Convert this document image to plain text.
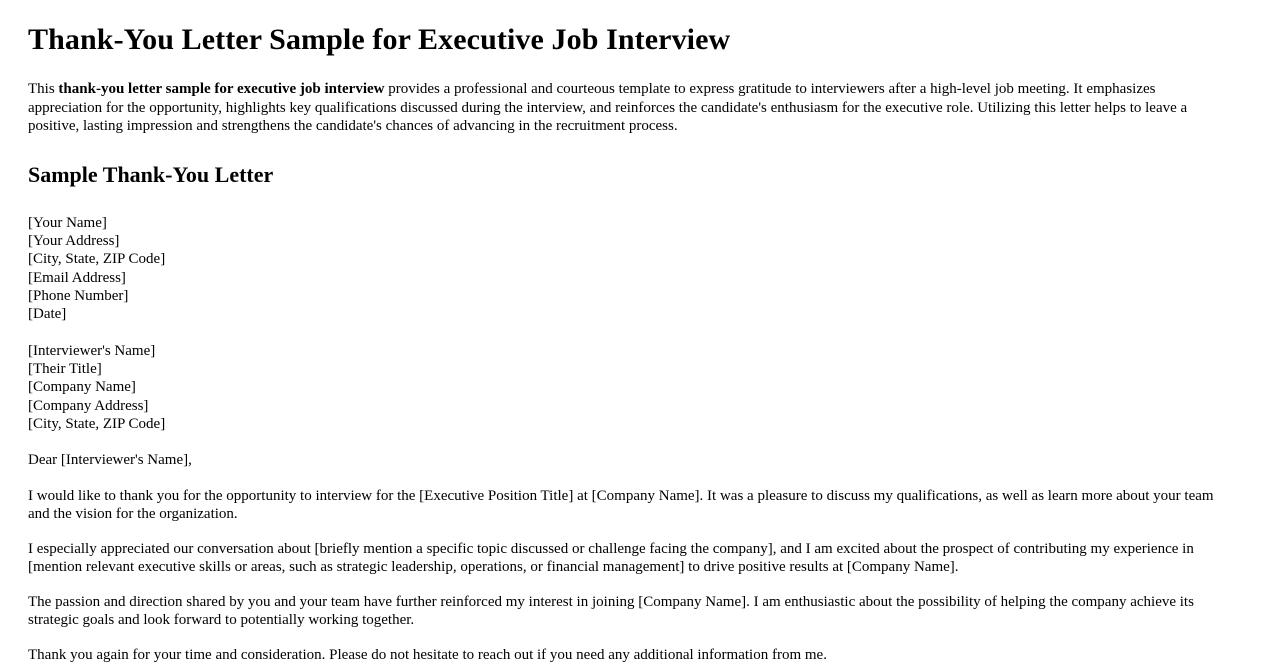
Thank-You Letter Sample for Executive Job Interview

This thank-you letter sample for executive job interview provides a professional and courteous template to express gratitude to interviewers after a high-level job meeting. It emphasizes appreciation for the opportunity, highlights key qualifications discussed during the interview, and reinforces the candidate's enthusiasm for the executive role. Utilizing this letter helps to leave a positive, lasting impression and strengthens the candidate's chances of advancing in the recruitment process.

Sample Thank-You Letter
[Your Name]
[Your Address]
[City, State, ZIP Code]
[Email Address]
[Phone Number]
[Date]
[Interviewer's Name]
[Their Title]
[Company Name]
[Company Address]
[City, State, ZIP Code]

Dear [Interviewer's Name],

I would like to thank you for the opportunity to interview for the [Executive Position Title] at [Company Name]. It was a pleasure to discuss my qualifications, as well as learn more about your team and the vision for the organization.

I especially appreciated our conversation about [briefly mention a specific topic discussed or challenge facing the company], and I am excited about the prospect of contributing my experience in [mention relevant executive skills or areas, such as strategic leadership, operations, or financial management] to drive positive results at [Company Name].

The passion and direction shared by you and your team have further reinforced my interest in joining [Company Name]. I am enthusiastic about the possibility of helping the company achieve its strategic goals and look forward to potentially working together.

Thank you again for your time and consideration. Please do not hesitate to reach out if you need any additional information from me.
